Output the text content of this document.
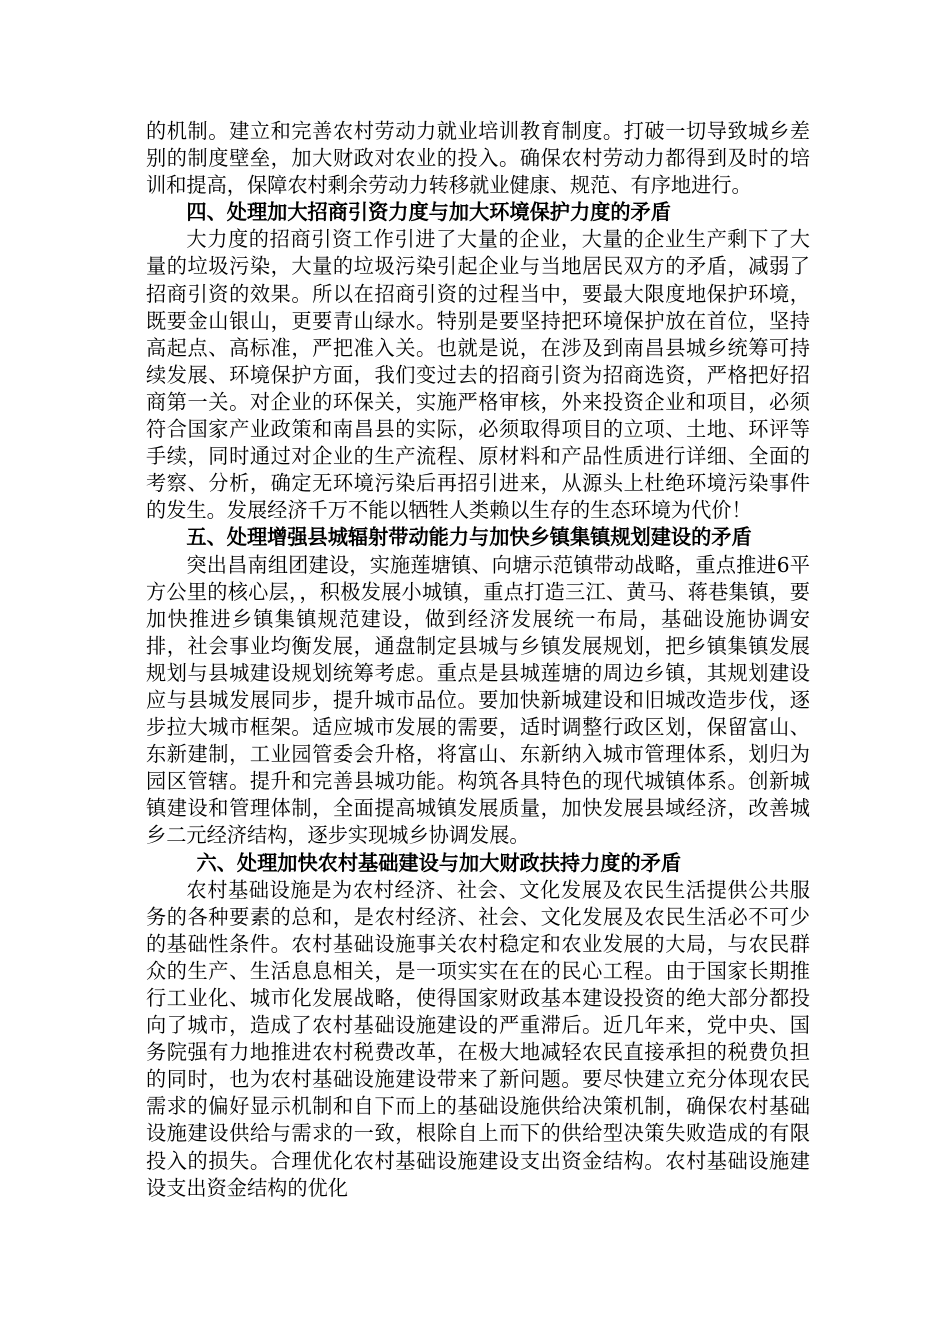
的机制。建立和完善农村劳动力就业培训教育制度。打破一切导致城乡差别的制度壁垒，加大财政对农业的投入。确保农村劳动力都得到及时的培训和提高，保障农村剩余劳动力转移就业健康、规范、有序地进行。

四、处理加大招商引资力度与加大环境保护力度的矛盾

大力度的招商引资工作引进了大量的企业，大量的企业生产剩下了大量的垃圾污染，大量的垃圾污染引起企业与当地居民双方的矛盾，减弱了招商引资的效果。所以在招商引资的过程当中，要最大限度地保护环境，既要金山银山，更要青山绿水。特别是要坚持把环境保护放在首位，坚持高起点、高标准，严把准入关。也就是说，在涉及到南昌县城乡统筹可持续发展、环境保护方面，我们变过去的招商引资为招商选资，严格把好招商第一关。对企业的环保关，实施严格审核，外来投资企业和项目，必须符合国家产业政策和南昌县的实际，必须取得项目的立项、土地、环评等手续，同时通过对企业的生产流程、原材料和产品性质进行详细、全面的考察、分析，确定无环境污染后再招引进来，从源头上杜绝环境污染事件的发生。发展经济千万不能以牺牲人类赖以生存的生态环境为代价！

五、处理增强县城辐射带动能力与加快乡镇集镇规划建设的矛盾

突出昌南组团建设，实施莲塘镇、向塘示范镇带动战略，重点推进6平方公里的核心层，，积极发展小城镇，重点打造三江、黄马、蒋巷集镇，要加快推进乡镇集镇规范建设，做到经济发展统一布局，基础设施协调安排，社会事业均衡发展，通盘制定县城与乡镇发展规划，把乡镇集镇发展规划与县城建设规划统筹考虑。重点是县城莲塘的周边乡镇，其规划建设应与县城发展同步，提升城市品位。要加快新城建设和旧城改造步伐，逐步拉大城市框架。适应城市发展的需要，适时调整行政区划，保留富山、东新建制，工业园管委会升格，将富山、东新纳入城市管理体系，划归为园区管辖。提升和完善县城功能。构筑各具特色的现代城镇体系。创新城镇建设和管理体制，全面提高城镇发展质量，加快发展县域经济，改善城乡二元经济结构，逐步实现城乡协调发展。

六、处理加快农村基础建设与加大财政扶持力度的矛盾

农村基础设施是为农村经济、社会、文化发展及农民生活提供公共服务的各种要素的总和，是农村经济、社会、文化发展及农民生活必不可少的基础性条件。农村基础设施事关农村稳定和农业发展的大局，与农民群众的生产、生活息息相关，是一项实实在在的民心工程。由于国家长期推行工业化、城市化发展战略，使得国家财政基本建设投资的绝大部分都投向了城市，造成了农村基础设施建设的严重滞后。近几年来，党中央、国务院强有力地推进农村税费改革，在极大地减轻农民直接承担的税费负担的同时，也为农村基础设施建设带来了新问题。要尽快建立充分体现农民需求的偏好显示机制和自下而上的基础设施供给决策机制，确保农村基础设施建设供给与需求的一致，根除自上而下的供给型决策失败造成的有限投入的损失。合理优化农村基础设施建设支出资金结构。农村基础设施建设支出资金结构的优化
